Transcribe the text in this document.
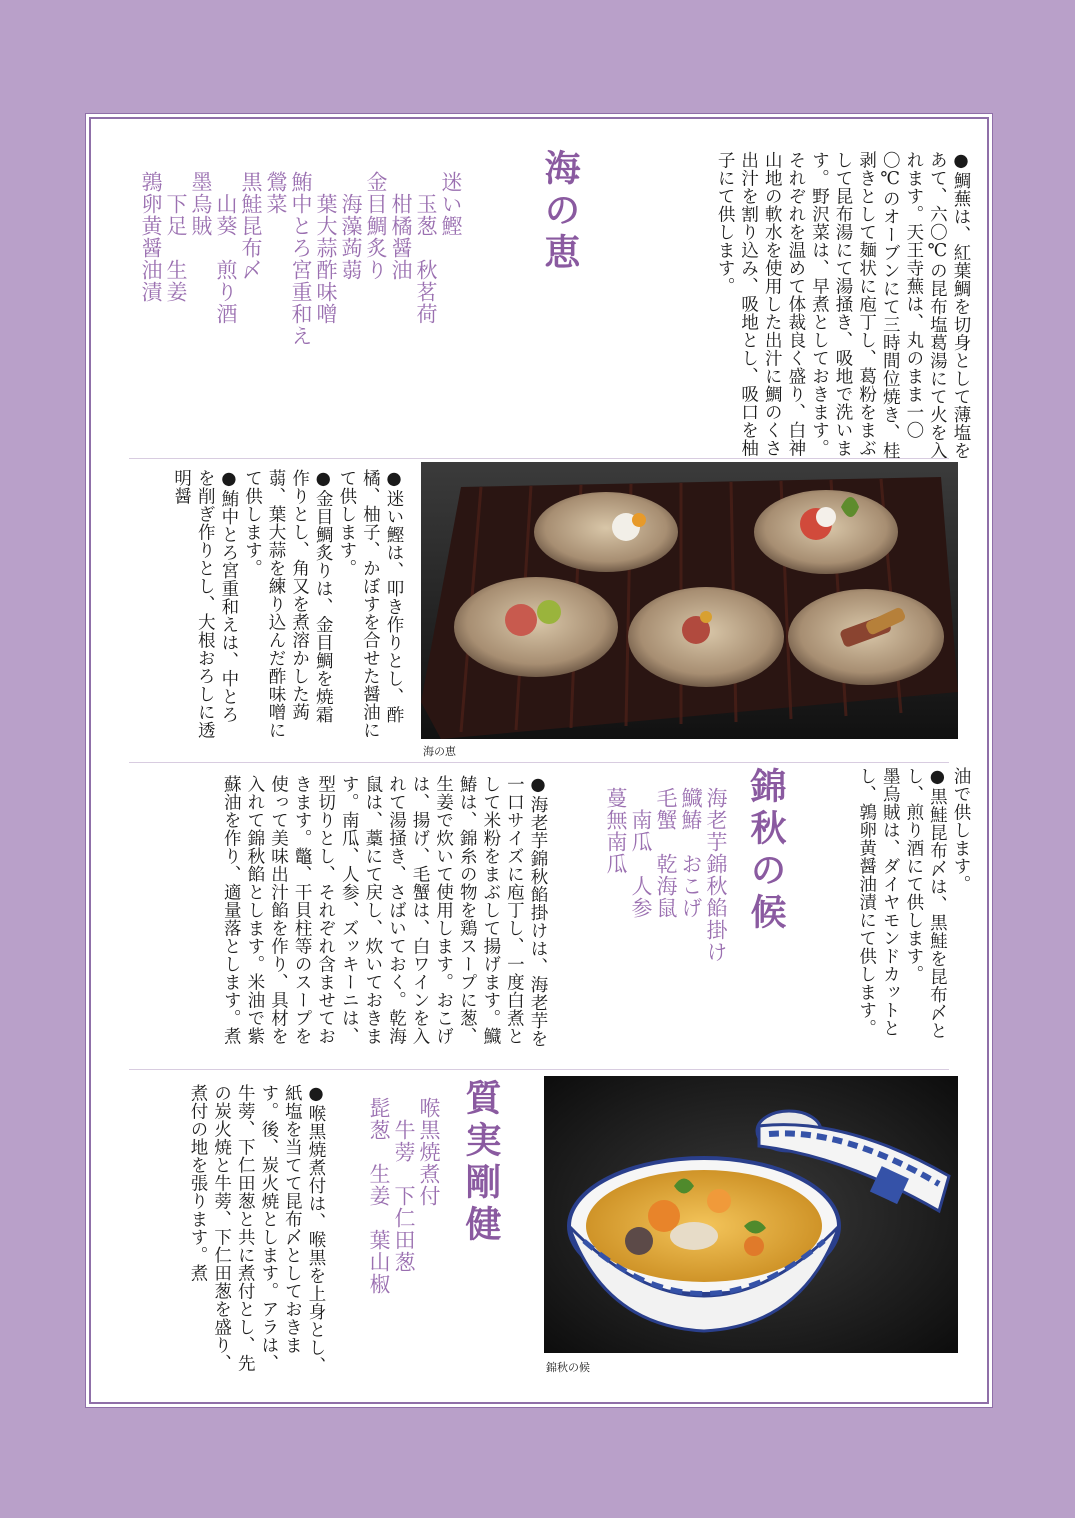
●鯛蕪は、紅葉鯛を切身として薄塩をあて、六〇℃の昆布塩葛湯にて火を入れます。天王寺蕪は、丸のまま一〇〇℃のオーブンにて三時間位焼き、桂剥きとして麺状に庖丁し、葛粉をまぶして昆布湯にて湯掻き、吸地で洗います。野沢菜は、早煮としておきます。それぞれを温めて体裁良く盛り、白神山地の軟水を使用した出汁に鯛のくさ出汁を割り込み、吸地とし、吸口を柚子にて供します。
海の恵
迷い鰹
　玉葱　秋茗荷
　柑橘醤油
金目鯛炙り
　海藻蒟蒻
　葉大蒜酢味噌
鮪中とろ宮重和え
鶯菜
黒鮭昆布〆
　山葵　煎り酒
墨烏賊
　下足　生姜
鶉卵黄醤油漬
海の恵
●迷い鰹は、叩き作りとし、酢橘、柚子、かぼすを合せた醤油にて供します。
●金目鯛炙りは、金目鯛を焼霜作りとし、角又を煮溶かした蒟蒻、葉大蒜を練り込んだ酢味噌にて供します。
●鮪中とろ宮重和えは、中とろを削ぎ作りとし、大根おろしに透明醤
油で供します。
●黒鮭昆布〆は、黒鮭を昆布〆とし、煎り酒にて供します。
墨烏賊は、ダイヤモンドカットとし、鶉卵黄醤油漬にて供します。
錦秋の候
海老芋錦秋餡掛け
鱵鰆　おこげ
毛蟹　乾海鼠
　南瓜　人参
蔓無南瓜
●海老芋錦秋餡掛けは、海老芋を一口サイズに庖丁し、一度白煮として米粉をまぶして揚げます。鱵鰆は、錦糸の物を鶏スープに葱、生姜で炊いて使用します。おこげは、揚げ、毛蟹は、白ワインを入れて湯掻き、さばいておく。乾海鼠は、藁にて戻し、炊いておきます。南瓜、人参、ズッキーニは、型切りとし、それぞれ含ませておきます。鼈、干貝柱等のスープを使って美味出汁餡を作り、具材を入れて錦秋餡とします。米油で紫蘇油を作り、適量落とします。煮
錦秋の候
質実剛健
喉黒焼煮付
　牛蒡　下仁田葱
髭葱　生姜　葉山椒
●喉黒焼煮付は、喉黒を上身とし、紙塩を当てて昆布〆としておきます。後、炭火焼とします。アラは、牛蒡、下仁田葱と共に煮付とし、先の炭火焼と牛蒡、下仁田葱を盛り、煮付の地を張ります。煮
